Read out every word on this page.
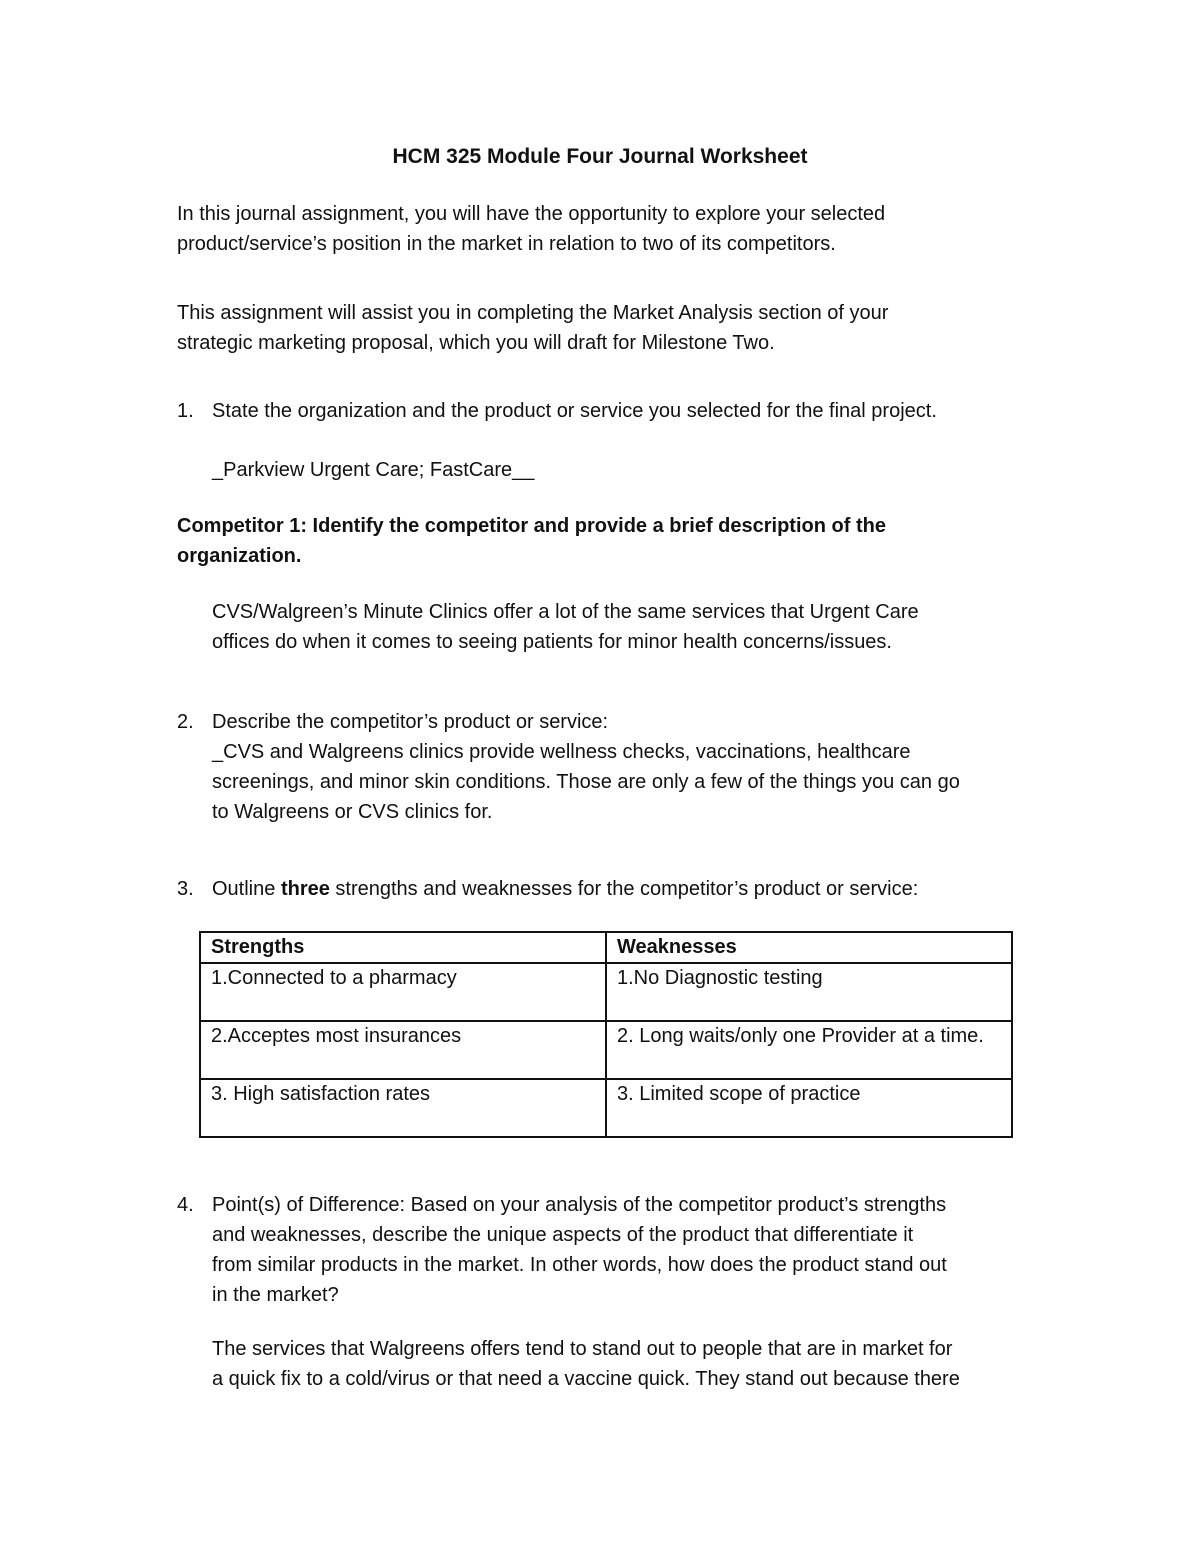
HCM 325 Module Four Journal Worksheet
In this journal assignment, you will have the opportunity to explore your selected
product/service’s position in the market in relation to two of its competitors.
This assignment will assist you in completing the Market Analysis section of your
strategic marketing proposal, which you will draft for Milestone Two.
1. State the organization and the product or service you selected for the final project.
_Parkview Urgent Care; FastCare__
Competitor 1: Identify the competitor and provide a brief description of the
organization.
CVS/Walgreen’s Minute Clinics offer a lot of the same services that Urgent Care
offices do when it comes to seeing patients for minor health concerns/issues.
2. Describe the competitor’s product or service:
_CVS and Walgreens clinics provide wellness checks, vaccinations, healthcare
screenings, and minor skin conditions. Those are only a few of the things you can go
to Walgreens or CVS clinics for.
3. Outline three strengths and weaknesses for the competitor’s product or service:
Strengths	Weaknesses
1.Connected to a pharmacy	1.No Diagnostic testing
2.Acceptes most insurances	2. Long waits/only one Provider at a time.
3. High satisfaction rates	3. Limited scope of practice
4. Point(s) of Difference: Based on your analysis of the competitor product’s strengths
and weaknesses, describe the unique aspects of the product that differentiate it
from similar products in the market. In other words, how does the product stand out
in the market?
The services that Walgreens offers tend to stand out to people that are in market for
a quick fix to a cold/virus or that need a vaccine quick. They stand out because there
